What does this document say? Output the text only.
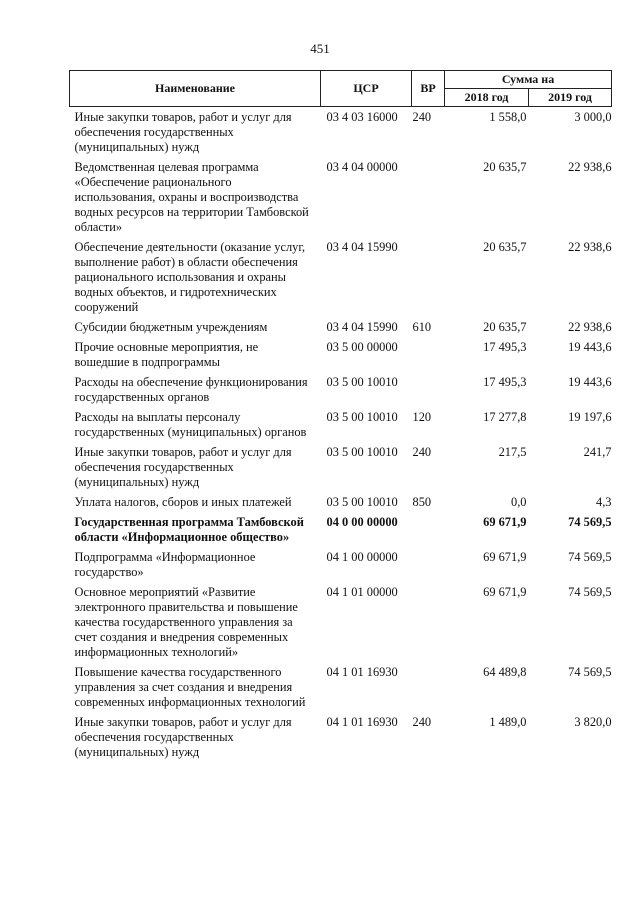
451
Наименование	ЦСР	ВР	Сумма на	
			2018 год	2019 год
Иные закупки товаров, работ и услуг для обеспечения государственных (муниципальных) нужд	03 4 03 16000	240	1 558,0	3 000,0
Ведомственная целевая программа «Обеспечение рационального использования, охраны и воспроизводства водных ресурсов на территории Тамбовской области»	03 4 04 00000		20 635,7	22 938,6
Обеспечение деятельности (оказание услуг, выполнение работ) в области обеспечения рационального использования и охраны водных объектов, и гидротехнических сооружений	03 4 04 15990		20 635,7	22 938,6
Субсидии бюджетным учреждениям	03 4 04 15990	610	20 635,7	22 938,6
Прочие основные мероприятия, не вошедшие в подпрограммы	03 5 00 00000		17 495,3	19 443,6
Расходы на обеспечение функционирования государственных органов	03 5 00 10010		17 495,3	19 443,6
Расходы на выплаты персоналу государственных (муниципальных) органов	03 5 00 10010	120	17 277,8	19 197,6
Иные закупки товаров, работ и услуг для обеспечения государственных (муниципальных) нужд	03 5 00 10010	240	217,5	241,7
Уплата налогов, сборов и иных платежей	03 5 00 10010	850	0,0	4,3
Государственная программа Тамбовской области «Информационное общество»	04 0 00 00000		69 671,9	74 569,5
Подпрограмма «Информационное государство»	04 1 00 00000		69 671,9	74 569,5
Основное мероприятий «Развитие электронного правительства и повышение качества государственного управления за счет создания и внедрения современных информационных технологий»	04 1 01 00000		69 671,9	74 569,5
Повышение качества государственного управления за счет создания и внедрения современных информационных технологий	04 1 01 16930		64 489,8	74 569,5
Иные закупки товаров, работ и услуг для обеспечения государственных (муниципальных) нужд	04 1 01 16930	240	1 489,0	3 820,0
